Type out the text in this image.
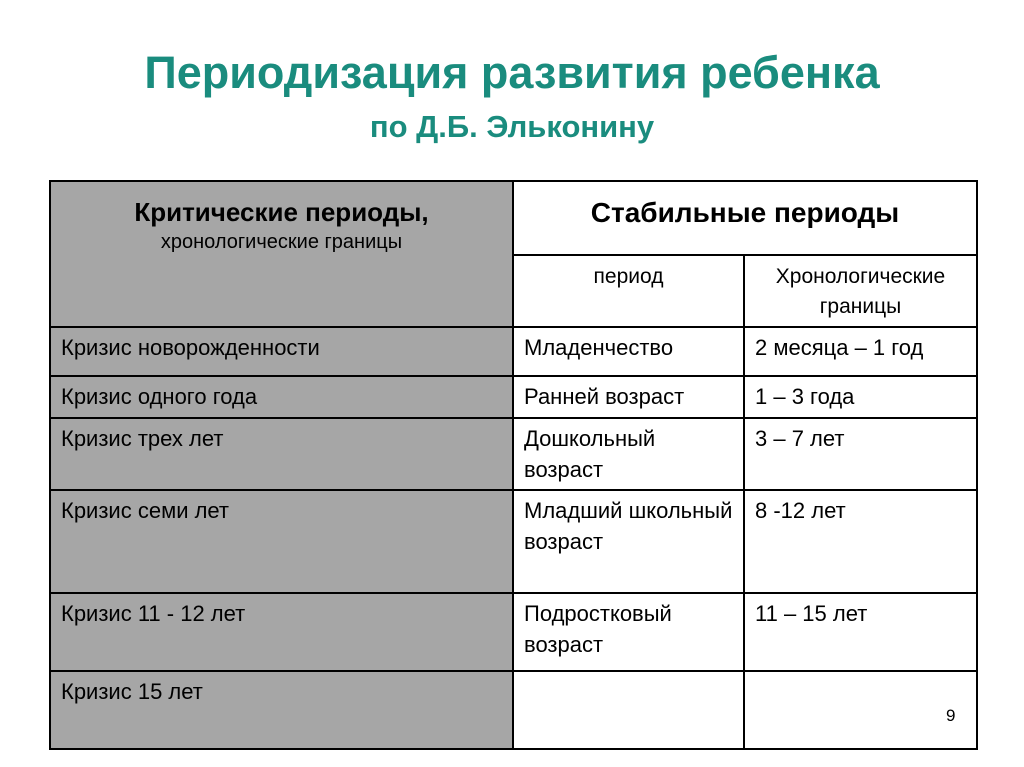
Периодизация развития ребенка
по Д.Б. Эльконину
Критические периоды,
хронологические границы	Стабильные периоды	

	период	Хронологические границы

Кризис новорожденности	Младенчество	2 месяца – 1 год
Кризис одного года	Ранней возраст	1 – 3 года
Кризис трех лет	Дошкольный возраст	3 – 7 лет
Кризис семи лет	Младший школьный возраст	8 -12 лет
Кризис 11 - 12 лет	Подростковый возраст	11 – 15 лет
Кризис 15 лет		
9
